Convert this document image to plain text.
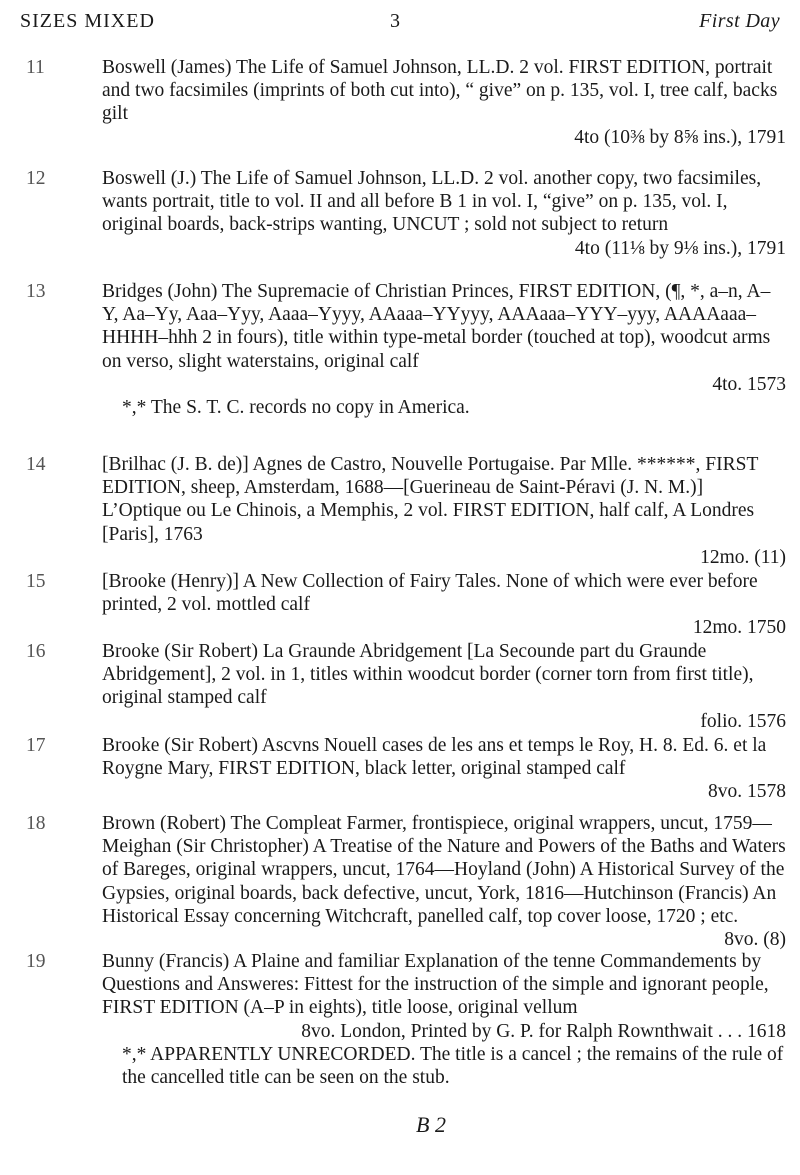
SIZES MIXED	3	First Day
11	Boswell (James) The Life of Samuel Johnson, LL.D. 2 vol. FIRST EDITION, portrait and two facsimiles (imprints of both cut into), “ give” on p. 135, vol. I, tree calf, backs gilt
4to (10⅜ by 8⅝ ins.), 1791
12	Boswell (J.) The Life of Samuel Johnson, LL.D. 2 vol. another copy, two facsimiles, wants portrait, title to vol. II and all before B 1 in vol. I, “give” on p. 135, vol. I, original boards, back-strips wanting, UNCUT ; sold not subject to return
4to (11⅛ by 9⅛ ins.), 1791
13	Bridges (John) The Supremacie of Christian Princes, FIRST EDITION, (¶, *, a–n, A–Y, Aa–Yy, Aaa–Yyy, Aaaa–Yyyy, AAaaa–YYyyy, AAAaaa–YYY–yyy, AAAAaaa–HHHH–hhh 2 in fours), title within type-metal border (touched at top), woodcut arms on verso, slight waterstains, original calf
4to. 1573
*,* The S. T. C. records no copy in America.
14	[Brilhac (J. B. de)] Agnes de Castro, Nouvelle Portugaise. Par Mlle. ******, FIRST EDITION, sheep, Amsterdam, 1688—[Guerineau de Saint-Péravi (J. N. M.)] L’Optique ou Le Chinois, a Memphis, 2 vol. FIRST EDITION, half calf, A Londres [Paris], 1763
12mo. (11)
15	[Brooke (Henry)] A New Collection of Fairy Tales. None of which were ever before printed, 2 vol. mottled calf
12mo. 1750
16	Brooke (Sir Robert) La Graunde Abridgement [La Secounde part du Graunde Abridgement], 2 vol. in 1, titles within woodcut border (corner torn from first title), original stamped calf
folio. 1576
17	Brooke (Sir Robert) Ascvns Nouell cases de les ans et temps le Roy, H. 8. Ed. 6. et la Roygne Mary, FIRST EDITION, black letter, original stamped calf
8vo. 1578
18	Brown (Robert) The Compleat Farmer, frontispiece, original wrappers, uncut, 1759—Meighan (Sir Christopher) A Treatise of the Nature and Powers of the Baths and Waters of Bareges, original wrappers, uncut, 1764—Hoyland (John) A Historical Survey of the Gypsies, original boards, back defective, uncut, York, 1816—Hutchinson (Francis) An Historical Essay concerning Witchcraft, panelled calf, top cover loose, 1720 ; etc.
8vo. (8)
19	Bunny (Francis) A Plaine and familiar Explanation of the tenne Commandements by Questions and Answeres: Fittest for the instruction of the simple and ignorant people, FIRST EDITION (A–P in eights), title loose, original vellum
8vo. London, Printed by G. P. for Ralph Rownthwait . . . 1618
*,* APPARENTLY UNRECORDED. The title is a cancel ; the remains of the rule of the cancelled title can be seen on the stub.
B 2
